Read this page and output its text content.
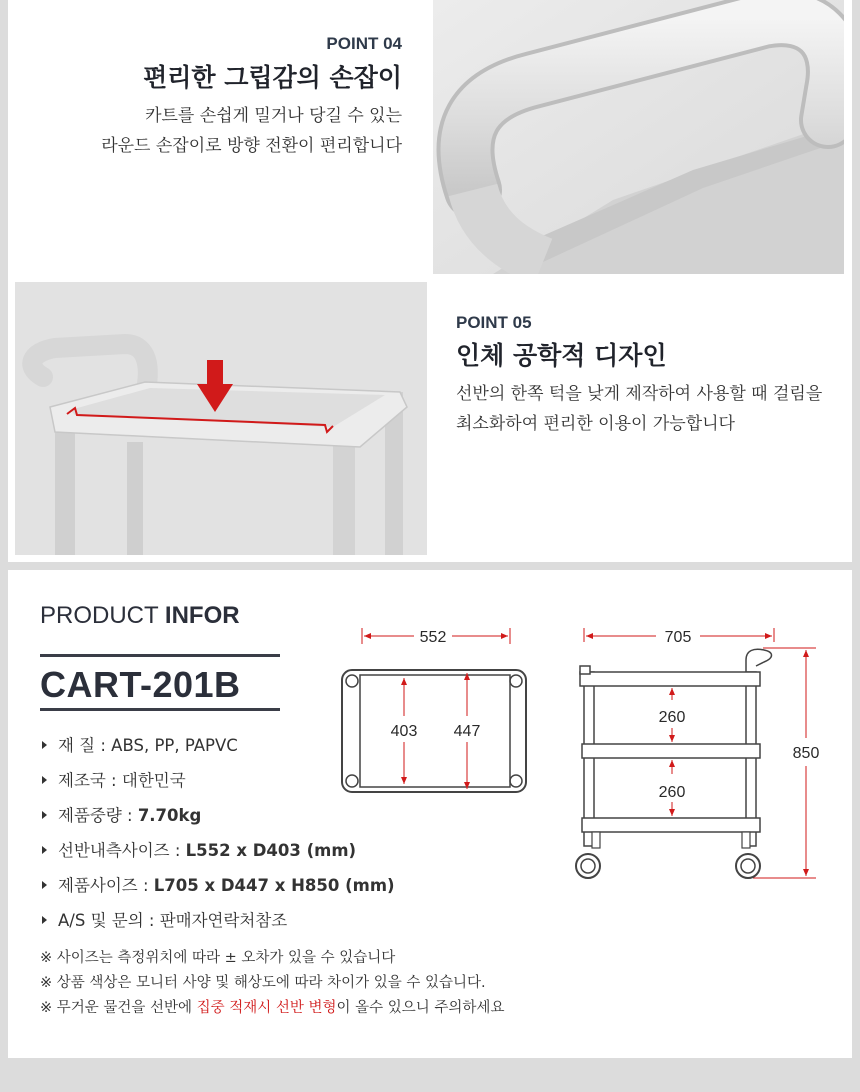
POINT 04
편리한 그립감의 손잡이
카트를 손쉽게 밀거나 당길 수 있는
라운드 손잡이로 방향 전환이 편리합니다
POINT 05
인체 공학적 디자인
선반의 한쪽 턱을 낮게 제작하여 사용할 때 걸림을
최소화하여 편리한 이용이 가능합니다
PRODUCT INFOR
CART-201B
재 질 : ABS, PP, PAPVC
제조국 : 대한민국
제품중량 : 7.70kg
선반내측사이즈 : L552 x D403 (mm)
제품사이즈 : L705 x D447 x H850 (mm)
A/S 및 문의 : 판매자연락처참조
※ 사이즈는 측정위치에 따라 ± 오차가 있을 수 있습니다
※ 상품 색상은 모니터 사양 및 해상도에 따라 차이가 있을 수 있습니다.
※ 무거운 물건을 선반에 집중 적재시 선반 변형이 올수 있으니 주의하세요
552
403 447
705
850
260
260
